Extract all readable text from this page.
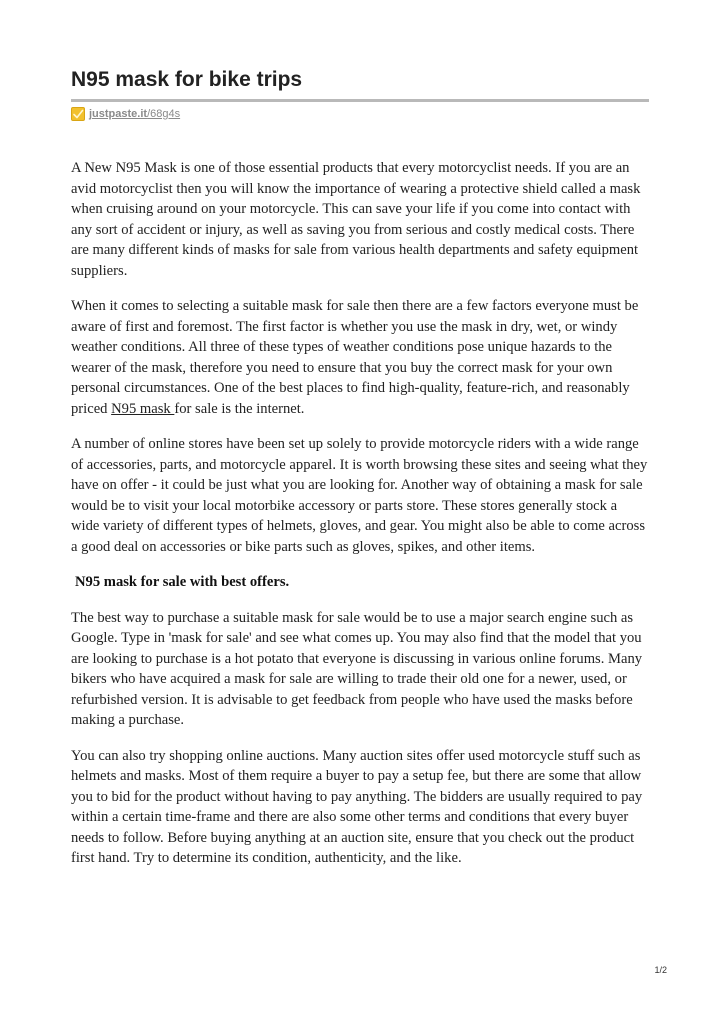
N95 mask for bike trips
justpaste.it /68g4s

A New N95 Mask is one of those essential products that every motorcyclist needs. If you are an avid motorcyclist then you will know the importance of wearing a protective shield called a mask when cruising around on your motorcycle. This can save your life if you come into contact with any sort of accident or injury, as well as saving you from serious and costly medical costs. There are many different kinds of masks for sale from various health departments and safety equipment suppliers.

When it comes to selecting a suitable mask for sale then there are a few factors everyone must be aware of first and foremost. The first factor is whether you use the mask in dry, wet, or windy weather conditions. All three of these types of weather conditions pose unique hazards to the wearer of the mask, therefore you need to ensure that you buy the correct mask for your own personal circumstances. One of the best places to find high-quality, feature-rich, and reasonably priced N95 mask for sale is the internet.

A number of online stores have been set up solely to provide motorcycle riders with a wide range of accessories, parts, and motorcycle apparel. It is worth browsing these sites and seeing what they have on offer - it could be just what you are looking for. Another way of obtaining a mask for sale would be to visit your local motorbike accessory or parts store. These stores generally stock a wide variety of different types of helmets, gloves, and gear. You might also be able to come across a good deal on accessories or bike parts such as gloves, spikes, and other items.

N95 mask for sale with best offers.

The best way to purchase a suitable mask for sale would be to use a major search engine such as Google. Type in 'mask for sale' and see what comes up. You may also find that the model that you are looking to purchase is a hot potato that everyone is discussing in various online forums. Many bikers who have acquired a mask for sale are willing to trade their old one for a newer, used, or refurbished version. It is advisable to get feedback from people who have used the masks before making a purchase.

You can also try shopping online auctions. Many auction sites offer used motorcycle stuff such as helmets and masks. Most of them require a buyer to pay a setup fee, but there are some that allow you to bid for the product without having to pay anything. The bidders are usually required to pay within a certain time-frame and there are also some other terms and conditions that every buyer needs to follow. Before buying anything at an auction site, ensure that you check out the product first hand. Try to determine its condition, authenticity, and the like.

1/2
